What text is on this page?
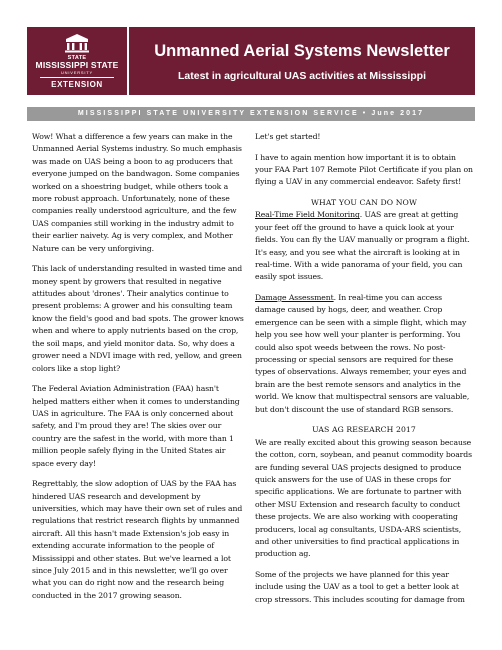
STATE
MISSISSIPPI STATE
UNIVERSITY
EXTENSION
Unmanned Aerial Systems Newsletter
Latest in agricultural UAS activities at Mississippi
MISSISSIPPI STATE UNIVERSITY EXTENSION SERVICE • June 2017

Wow! What a difference a few years can make in the Unmanned Aerial Systems industry. So much emphasis was made on UAS being a boon to ag producers that everyone jumped on the bandwagon. Some companies worked on a shoestring budget, while others took a more robust approach. Unfortunately, none of these companies really understood agriculture, and the few UAS companies still working in the industry admit to their earlier naivety. Ag is very complex, and Mother Nature can be very unforgiving.

This lack of understanding resulted in wasted time and money spent by growers that resulted in negative attitudes about 'drones'. Their analytics continue to present problems: A grower and his consulting team know the field's good and bad spots. The grower knows when and where to apply nutrients based on the crop, the soil maps, and yield monitor data. So, why does a grower need a NDVI image with red, yellow, and green colors like a stop light?

The Federal Aviation Administration (FAA) hasn't helped matters either when it comes to understanding UAS in agriculture. The FAA is only concerned about safety, and I'm proud they are! The skies over our country are the safest in the world, with more than 1 million people safely flying in the United States air space every day!

Regrettably, the slow adoption of UAS by the FAA has hindered UAS research and development by universities, which may have their own set of rules and regulations that restrict research flights by unmanned aircraft. All this hasn't made Extension's job easy in extending accurate information to the people of Mississippi and other states. But we've learned a lot since July 2015 and in this newsletter, we'll go over what you can do right now and the research being conducted in the 2017 growing season.

Let's get started!

I have to again mention how important it is to obtain your FAA Part 107 Remote Pilot Certificate if you plan on flying a UAV in any commercial endeavor. Safety first!

WHAT YOU CAN DO NOW

Real-Time Field Monitoring. UAS are great at getting your feet off the ground to have a quick look at your fields. You can fly the UAV manually or program a flight. It's easy, and you see what the aircraft is looking at in real-time. With a wide panorama of your field, you can easily spot issues.

Damage Assessment. In real-time you can access damage caused by hogs, deer, and weather. Crop emergence can be seen with a simple flight, which may help you see how well your planter is performing. You could also spot weeds between the rows. No post-processing or special sensors are required for these types of observations. Always remember, your eyes and brain are the best remote sensors and analytics in the world. We know that multispectral sensors are valuable, but don't discount the use of standard RGB sensors.

UAS AG RESEARCH 2017

We are really excited about this growing season because the cotton, corn, soybean, and peanut commodity boards are funding several UAS projects designed to produce quick answers for the use of UAS in these crops for specific applications. We are fortunate to partner with other MSU Extension and research faculty to conduct these projects. We are also working with cooperating producers, local ag consultants, USDA-ARS scientists, and other universities to find practical applications in production ag.

Some of the projects we have planned for this year include using the UAV as a tool to get a better look at crop stressors. This includes scouting for damage from
